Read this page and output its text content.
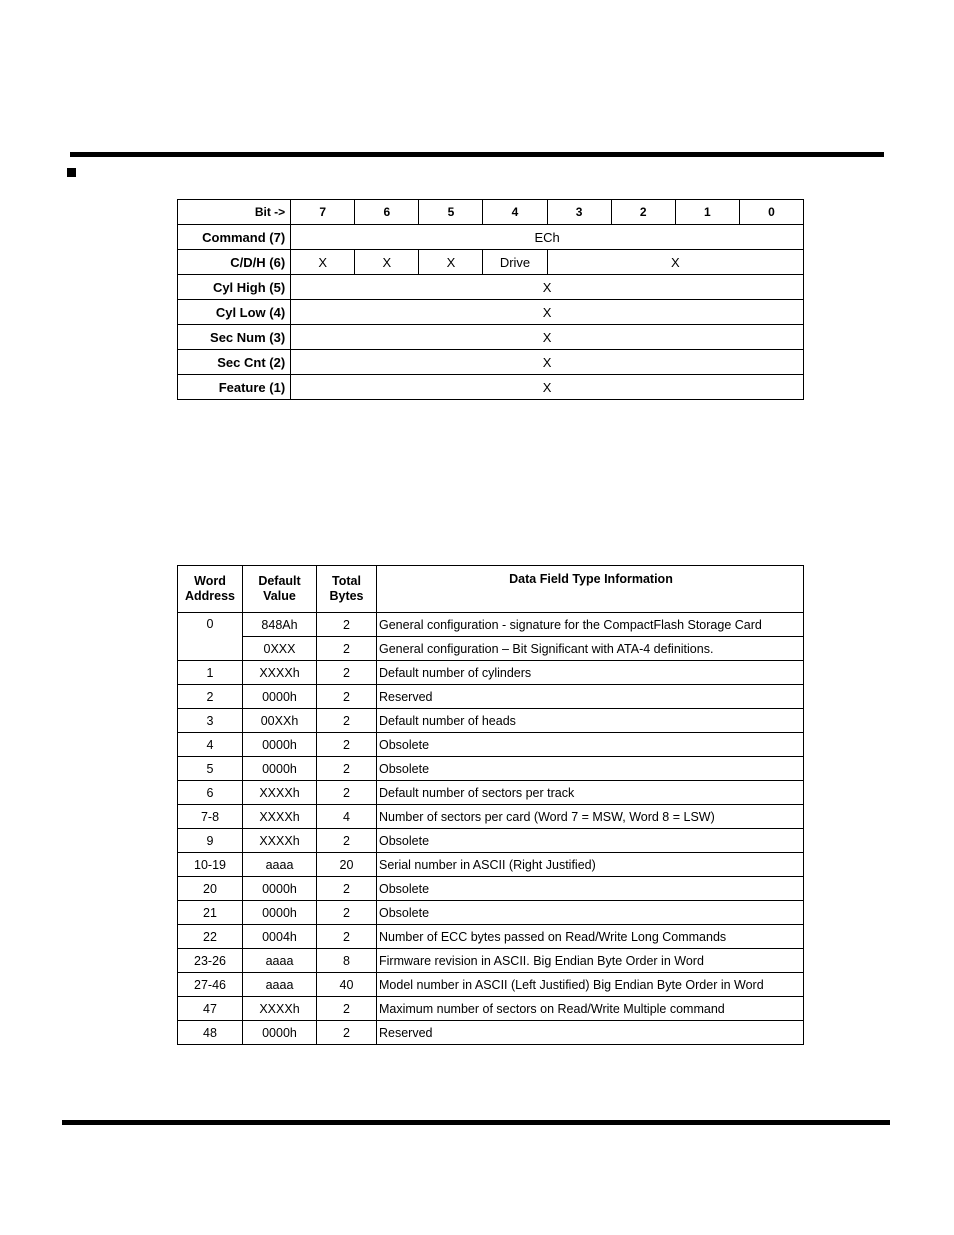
Bit ->	7	6	5	4	3	2	1	0
Command (7)	ECh							
C/D/H (6)	X	X	X	Drive	X			
Cyl High (5)	X							
Cyl Low (4)	X							
Sec Num (3)	X							
Sec Cnt (2)	X							
Feature (1)	X							
Word Address	Default Value	Total Bytes	Data Field Type Information
0	848Ah	2	General configuration - signature for the CompactFlash Storage Card
	0XXX	2	General configuration – Bit Significant with ATA-4 definitions.
1	XXXXh	2	Default number of cylinders
2	0000h	2	Reserved
3	00XXh	2	Default number of heads
4	0000h	2	Obsolete
5	0000h	2	Obsolete
6	XXXXh	2	Default number of sectors per track
7-8	XXXXh	4	Number of sectors per card (Word 7 = MSW, Word 8 = LSW)
9	XXXXh	2	Obsolete
10-19	aaaa	20	Serial number in ASCII (Right Justified)
20	0000h	2	Obsolete
21	0000h	2	Obsolete
22	0004h	2	Number of ECC bytes passed on Read/Write Long Commands
23-26	aaaa	8	Firmware revision in ASCII. Big Endian Byte Order in Word
27-46	aaaa	40	Model number in ASCII (Left Justified) Big Endian Byte Order in Word
47	XXXXh	2	Maximum number of sectors on Read/Write Multiple command
48	0000h	2	Reserved
